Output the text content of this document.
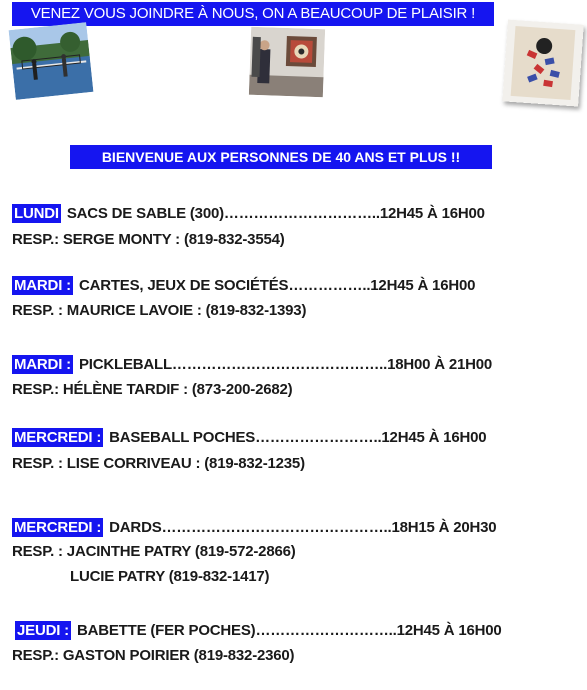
VENEZ VOUS JOINDRE À NOUS, ON A BEAUCOUP DE PLAISIR !
BIENVENUE AUX PERSONNES DE 40 ANS ET PLUS !!
LUNDI SACS DE SABLE (300)…………………………..12H45 À 16H00
RESP.: SERGE MONTY : (819-832-3554)
MARDI : CARTES, JEUX DE SOCIÉTÉS……………..12H45 À 16H00
RESP. : MAURICE LAVOIE : (819-832-1393)
MARDI : PICKLEBALL……………………………………..18H00 À 21H00
RESP.: HÉLÈNE TARDIF : (873-200-2682)
MERCREDI : BASEBALL POCHES……………………..12H45 À 16H00
RESP. : LISE CORRIVEAU : (819-832-1235)
MERCREDI : DARDS………………………………………..18H15 À 20H30
RESP. : JACINTHE PATRY (819-572-2866)
LUCIE PATRY (819-832-1417)
JEUDI : BABETTE (FER POCHES)………………………..12H45 À 16H00
RESP.: GASTON POIRIER (819-832-2360)
